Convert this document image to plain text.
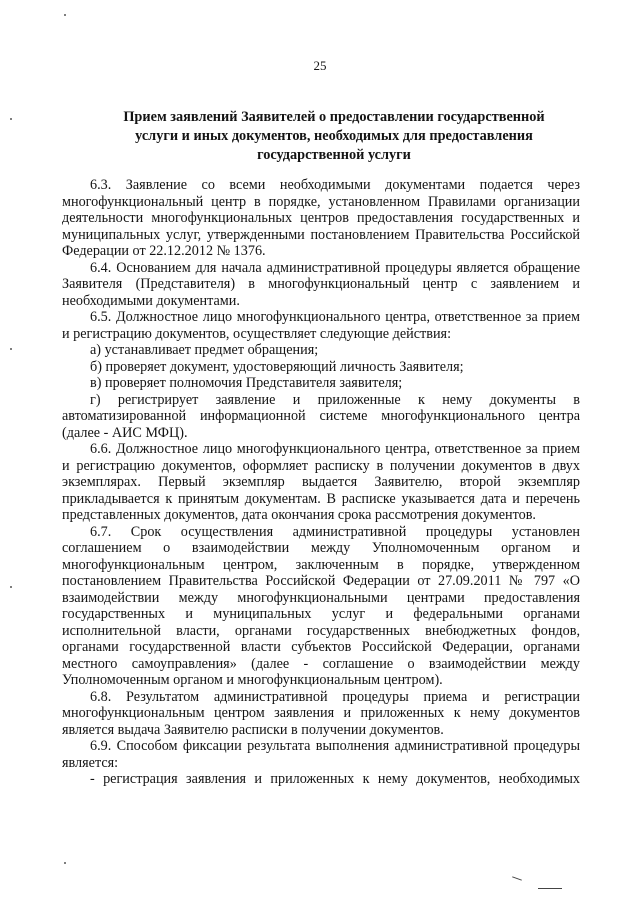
25
Прием заявлений Заявителей о предоставлении государственной
услуги и иных документов, необходимых для предоставления
государственной услуги

6.3. Заявление со всеми необходимыми документами подается через многофункциональный центр в порядке, установленном Правилами организации деятельности многофункциональных центров предоставления государственных и муниципальных услуг, утвержденными постановлением Правительства Российской Федерации от 22.12.2012 № 1376.

6.4. Основанием для начала административной процедуры является обращение Заявителя (Представителя) в многофункциональный центр с заявлением и необходимыми документами.

6.5. Должностное лицо многофункционального центра, ответственное за прием и регистрацию документов, осуществляет следующие действия:

а) устанавливает предмет обращения;

б) проверяет документ, удостоверяющий личность Заявителя;

в) проверяет полномочия Представителя заявителя;

г) регистрирует заявление и приложенные к нему документы в автоматизированной информационной системе многофункционального центра (далее - АИС МФЦ).

6.6. Должностное лицо многофункционального центра, ответственное за прием и регистрацию документов, оформляет расписку в получении документов в двух экземплярах. Первый экземпляр выдается Заявителю, второй экземпляр прикладывается к принятым документам. В расписке указывается дата и перечень представленных документов, дата окончания срока рассмотрения документов.

6.7. Срок осуществления административной процедуры установлен соглашением о взаимодействии между Уполномоченным органом и многофункциональным центром, заключенным в порядке, утвержденном постановлением Правительства Российской Федерации от 27.09.2011 № 797 «О взаимодействии между многофункциональными центрами предоставления государственных и муниципальных услуг и федеральными органами исполнительной власти, органами государственных внебюджетных фондов, органами государственной власти субъектов Российской Федерации, органами местного самоуправления» (далее - соглашение о взаимодействии между Уполномоченным органом и многофункциональным центром).

6.8. Результатом административной процедуры приема и регистрации многофункциональным центром заявления и приложенных к нему документов является выдача Заявителю расписки в получении документов.

6.9. Способом фиксации результата выполнения административной процедуры является:

- регистрация заявления и приложенных к нему документов, необходимых
